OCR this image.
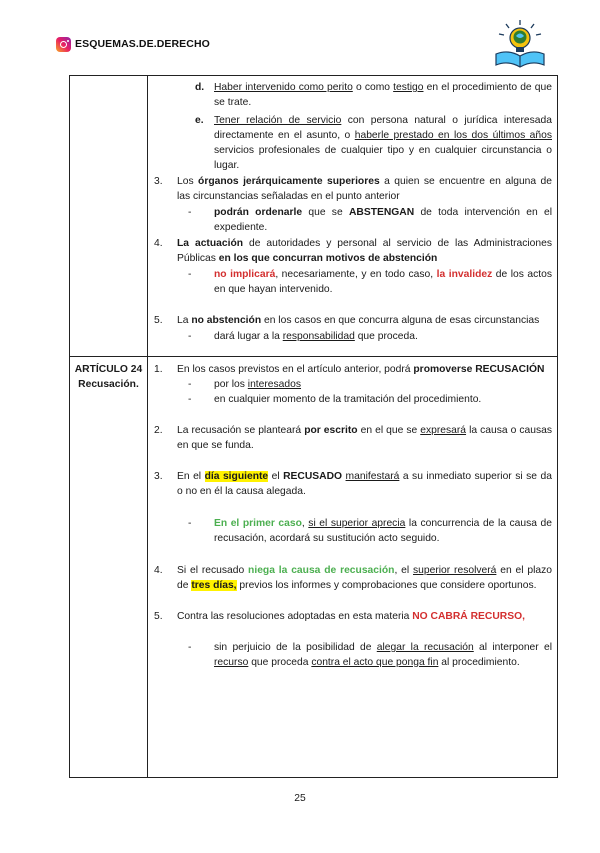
ESQUEMAS.DE.DERECHO
d. Haber intervenido como perito o como testigo en el procedimiento de que se trate.

e. Tener relación de servicio con persona natural o jurídica interesada directamente en el asunto, o haberle prestado en los dos últimos años servicios profesionales de cualquier tipo y en cualquier circunstancia o lugar.

3. Los órganos jerárquicamente superiores a quien se encuentre en alguna de las circunstancias señaladas en el punto anterior

- podrán ordenarle que se ABSTENGAN de toda intervención en el expediente.

4. La actuación de autoridades y personal al servicio de las Administraciones Públicas en los que concurran motivos de abstención

- no implicará, necesariamente, y en todo caso, la invalidez de los actos en que hayan intervenido.

5. La no abstención en los casos en que concurra alguna de esas circunstancias

- dará lugar a la responsabilidad que proceda.

ARTÍCULO 24
Recusación.
1. En los casos previstos en el artículo anterior, podrá promoverse RECUSACIÓN

- por los interesados

- en cualquier momento de la tramitación del procedimiento.

2. La recusación se planteará por escrito en el que se expresará la causa o causas en que se funda.

3. En el día siguiente el RECUSADO manifestará a su inmediato superior si se da o no en él la causa alegada.

- En el primer caso, si el superior aprecia la concurrencia de la causa de recusación, acordará su sustitución acto seguido.

4. Si el recusado niega la causa de recusación, el superior resolverá en el plazo de tres días, previos los informes y comprobaciones que considere oportunos.

5. Contra las resoluciones adoptadas en esta materia NO CABRÁ RECURSO,

- sin perjuicio de la posibilidad de alegar la recusación al interponer el recurso que proceda contra el acto que ponga fin al procedimiento.

25
